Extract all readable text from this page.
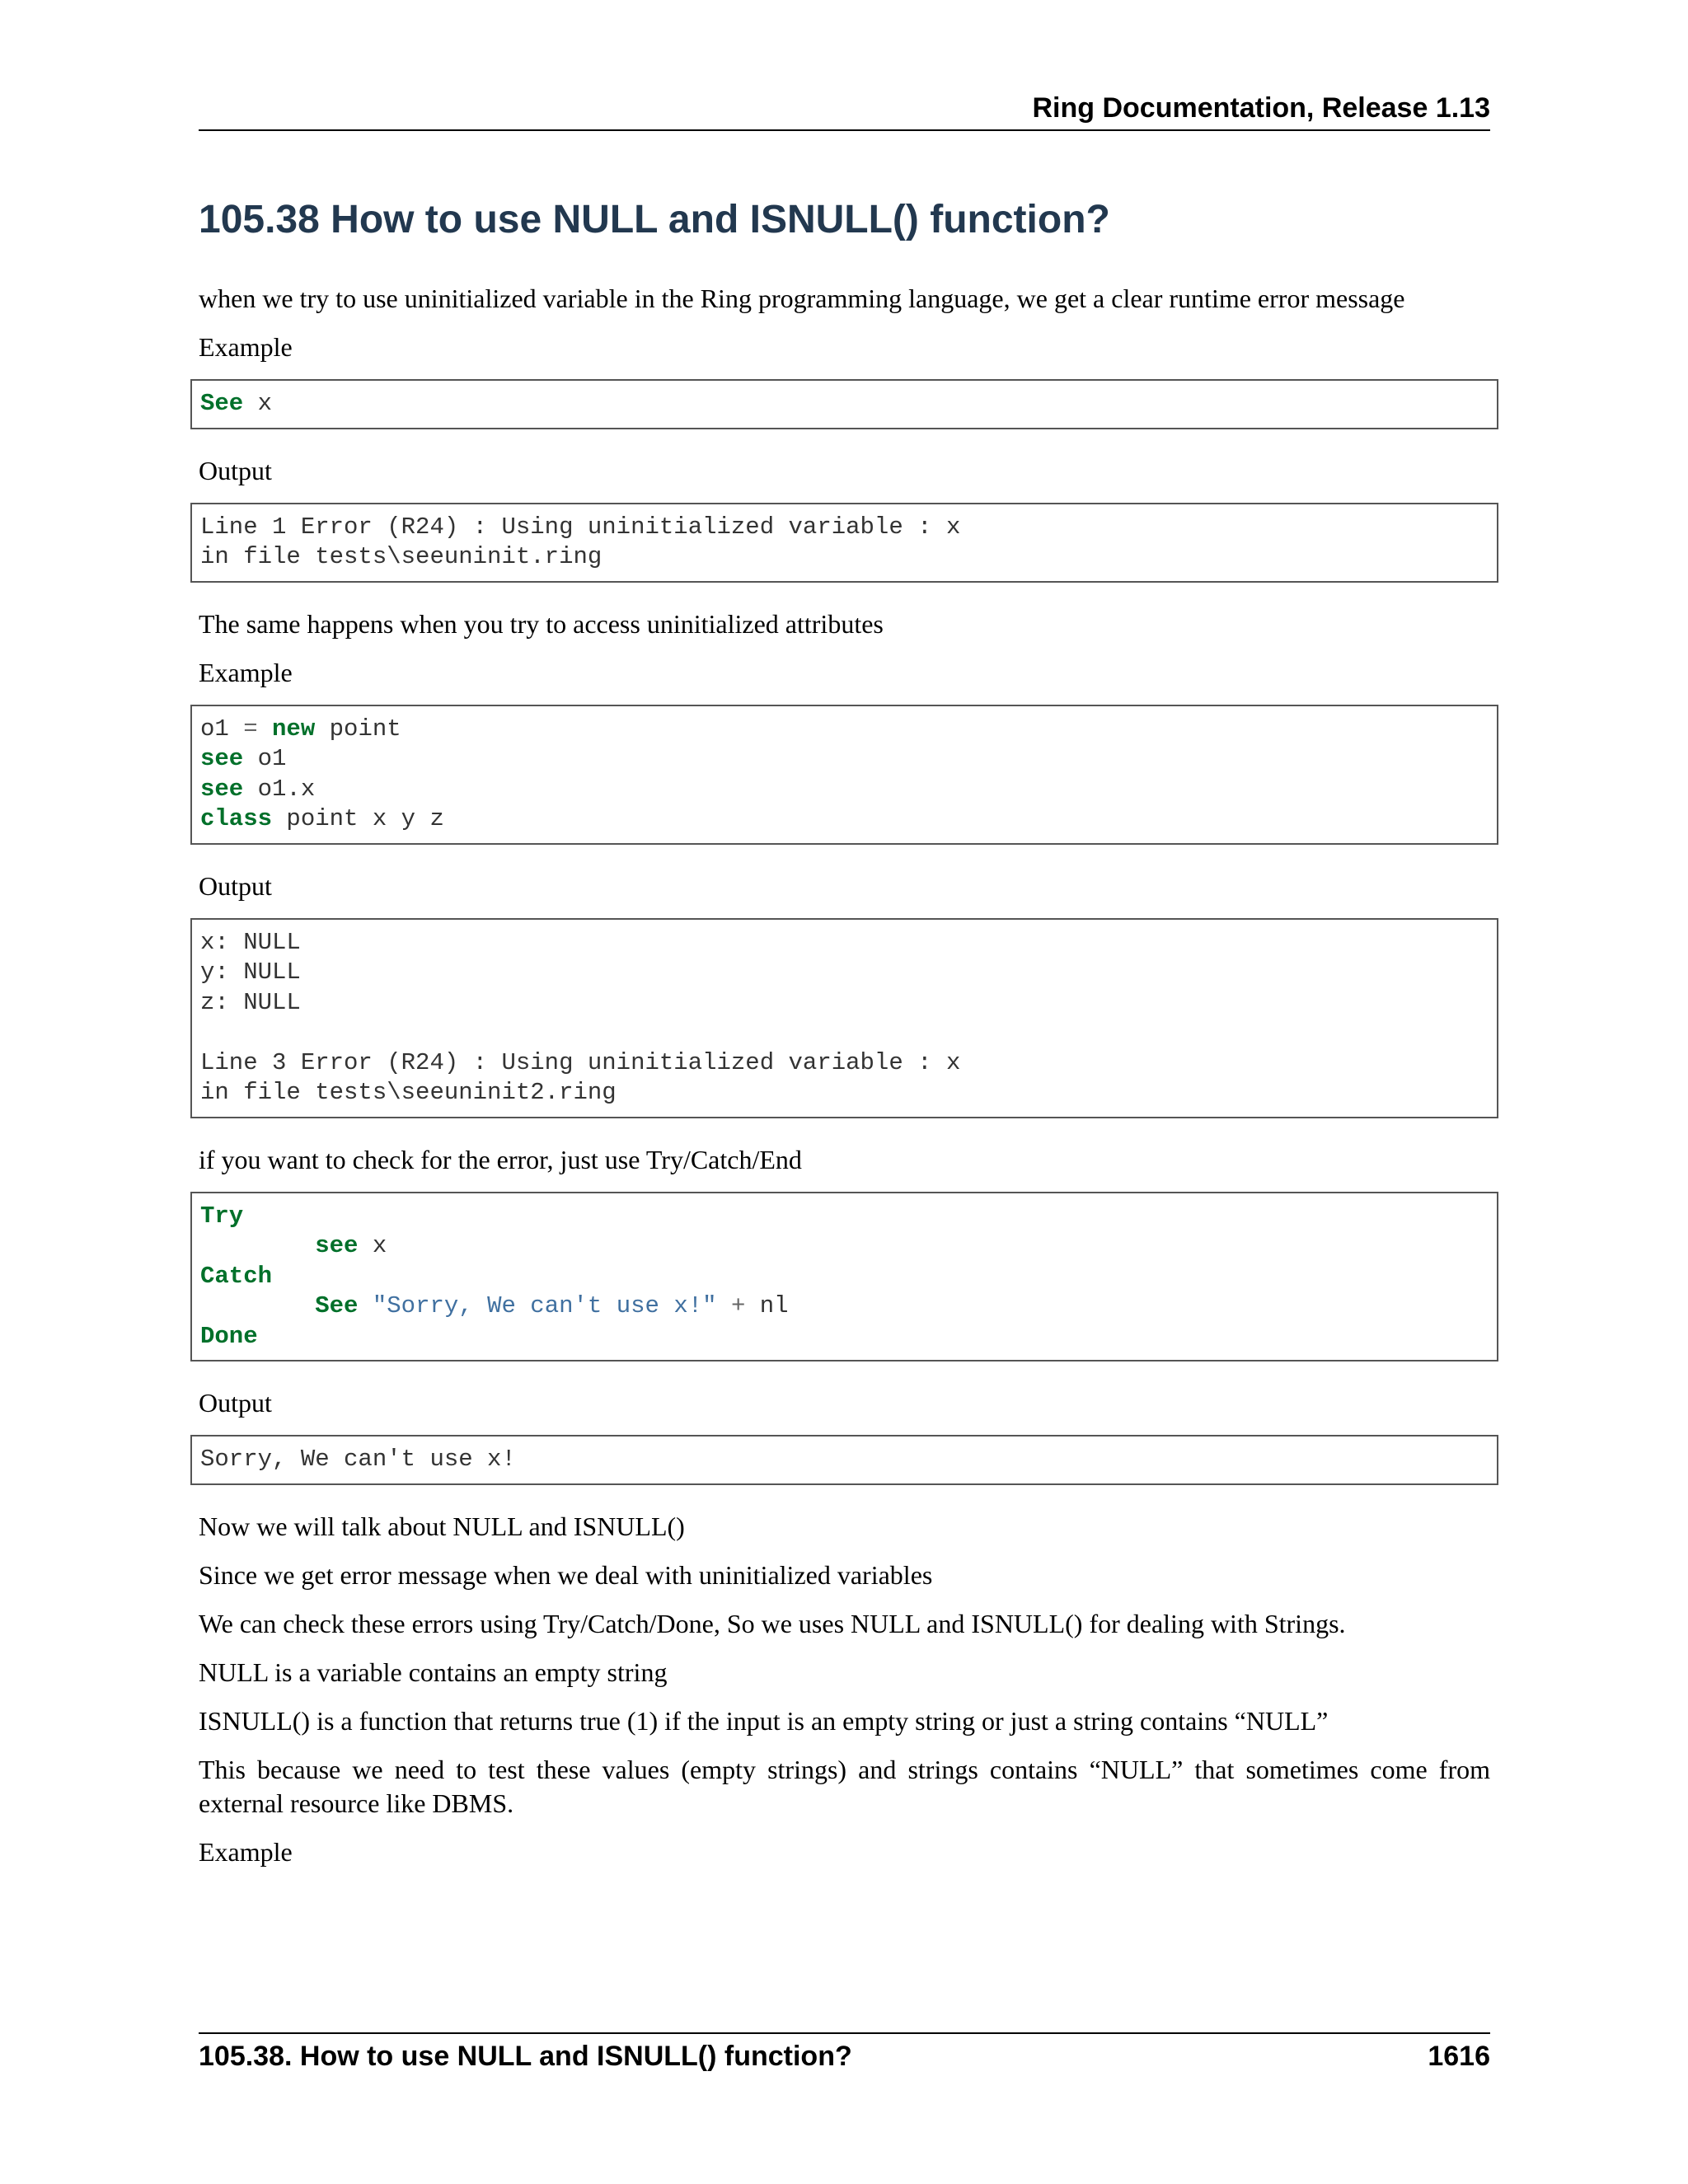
Ring Documentation, Release 1.13
105.38 How to use NULL and ISNULL() function?

when we try to use uninitialized variable in the Ring programming language, we get a clear runtime error message

Example

See x

Output

Line 1 Error (R24) : Using uninitialized variable : x
in file tests\seeuninit.ring

The same happens when you try to access uninitialized attributes

Example

o1 = new point
see o1
see o1.x
class point x y z

Output

x: NULL
y: NULL
z: NULL

Line 3 Error (R24) : Using uninitialized variable : x
in file tests\seeuninit2.ring

if you want to check for the error, just use Try/Catch/End

Try
see x
Catch
See "Sorry, We can't use x!" + nl
Done

Output

Sorry, We can't use x!

Now we will talk about NULL and ISNULL()

Since we get error message when we deal with uninitialized variables

We can check these errors using Try/Catch/Done, So we uses NULL and ISNULL() for dealing with Strings.

NULL is a variable contains an empty string

ISNULL() is a function that returns true (1) if the input is an empty string or just a string contains “NULL”

This because we need to test these values (empty strings) and strings contains “NULL” that sometimes come from external resource like DBMS.

Example

105.38. How to use NULL and ISNULL() function?	1616
